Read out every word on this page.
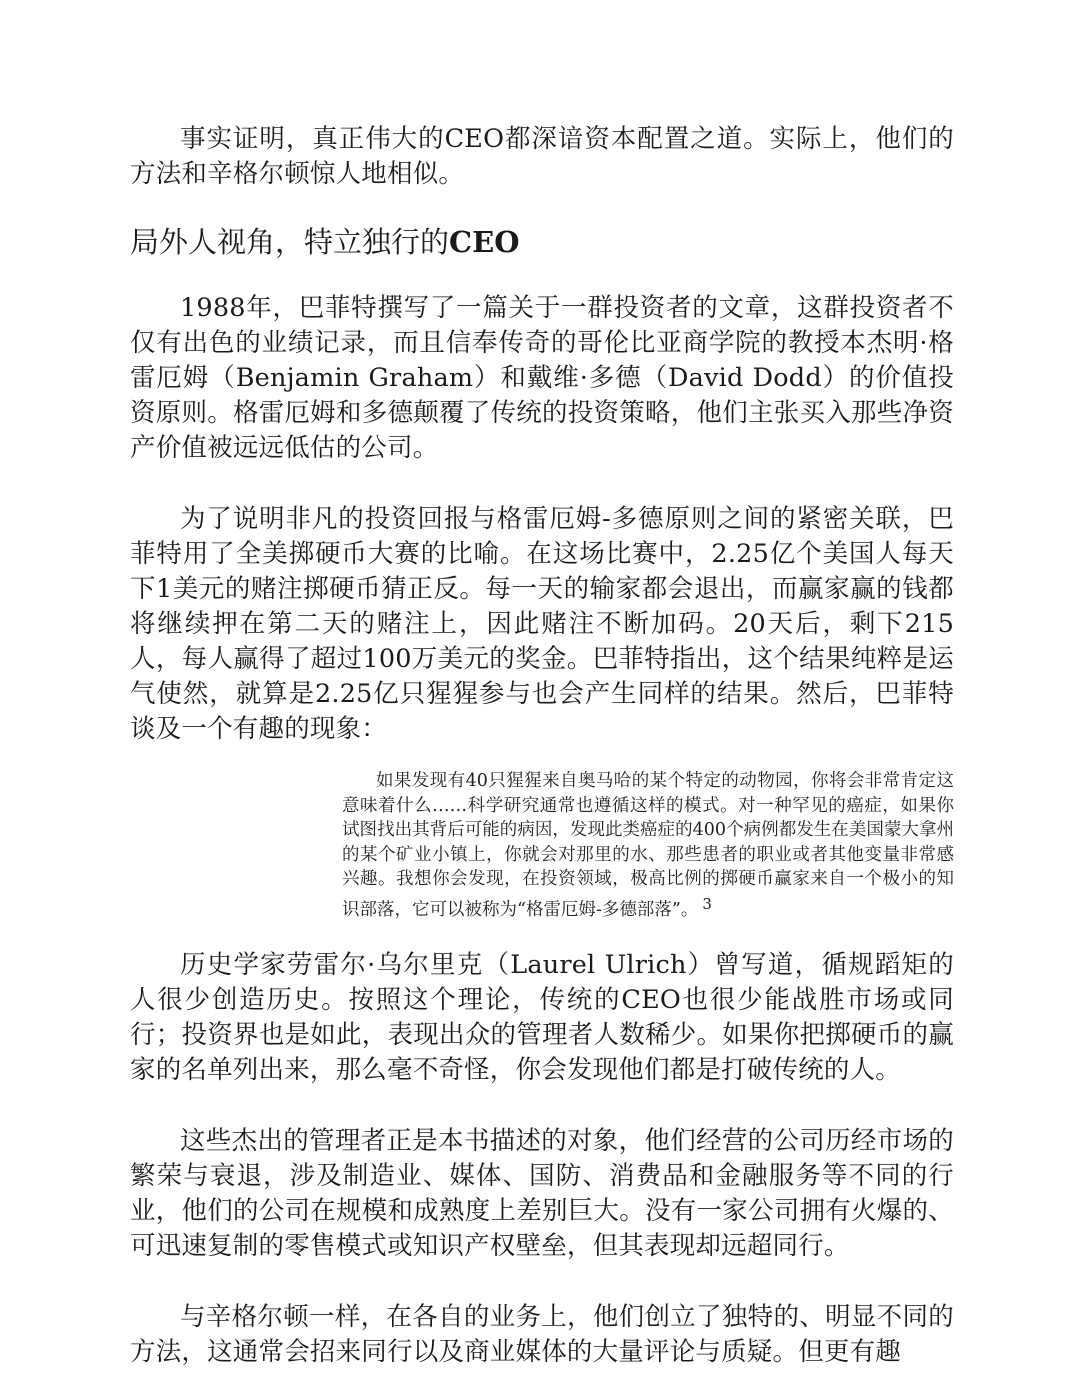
事实证明，真正伟大的CEO都深谙资本配置之道。实际上，他们的方法和辛格尔顿惊人地相似。

局外人视角，特立独行的CEO

1988年，巴菲特撰写了一篇关于一群投资者的文章，这群投资者不仅有出色的业绩记录，而且信奉传奇的哥伦比亚商学院的教授本杰明·格雷厄姆（Benjamin Graham）和戴维·多德（David Dodd）的价值投资原则。格雷厄姆和多德颠覆了传统的投资策略，他们主张买入那些净资产价值被远远低估的公司。

为了说明非凡的投资回报与格雷厄姆-多德原则之间的紧密关联，巴菲特用了全美掷硬币大赛的比喻。在这场比赛中，2.25亿个美国人每天下1美元的赌注掷硬币猜正反。每一天的输家都会退出，而赢家赢的钱都将继续押在第二天的赌注上，因此赌注不断加码。20天后，剩下215人，每人赢得了超过100万美元的奖金。巴菲特指出，这个结果纯粹是运气使然，就算是2.25亿只猩猩参与也会产生同样的结果。然后，巴菲特谈及一个有趣的现象：

如果发现有40只猩猩来自奥马哈的某个特定的动物园，你将会非常肯定这意味着什么……科学研究通常也遵循这样的模式。对一种罕见的癌症，如果你试图找出其背后可能的病因，发现此类癌症的400个病例都发生在美国蒙大拿州的某个矿业小镇上，你就会对那里的水、那些患者的职业或者其他变量非常感兴趣。我想你会发现，在投资领域，极高比例的掷硬币赢家来自一个极小的知识部落，它可以被称为“格雷厄姆-多德部落”。 $^3$

历史学家劳雷尔·乌尔里克（Laurel Ulrich）曾写道，循规蹈矩的人很少创造历史。按照这个理论，传统的CEO也很少能战胜市场或同行；投资界也是如此，表现出众的管理者人数稀少。如果你把掷硬币的赢家的名单列出来，那么毫不奇怪，你会发现他们都是打破传统的人。

这些杰出的管理者正是本书描述的对象，他们经营的公司历经市场的繁荣与衰退，涉及制造业、媒体、国防、消费品和金融服务等不同的行业，他们的公司在规模和成熟度上差别巨大。没有一家公司拥有火爆的、可迅速复制的零售模式或知识产权壁垒，但其表现却远超同行。

与辛格尔顿一样，在各自的业务上，他们创立了独特的、明显不同的方法，这通常会招来同行以及商业媒体的大量评论与质疑。但更有趣
